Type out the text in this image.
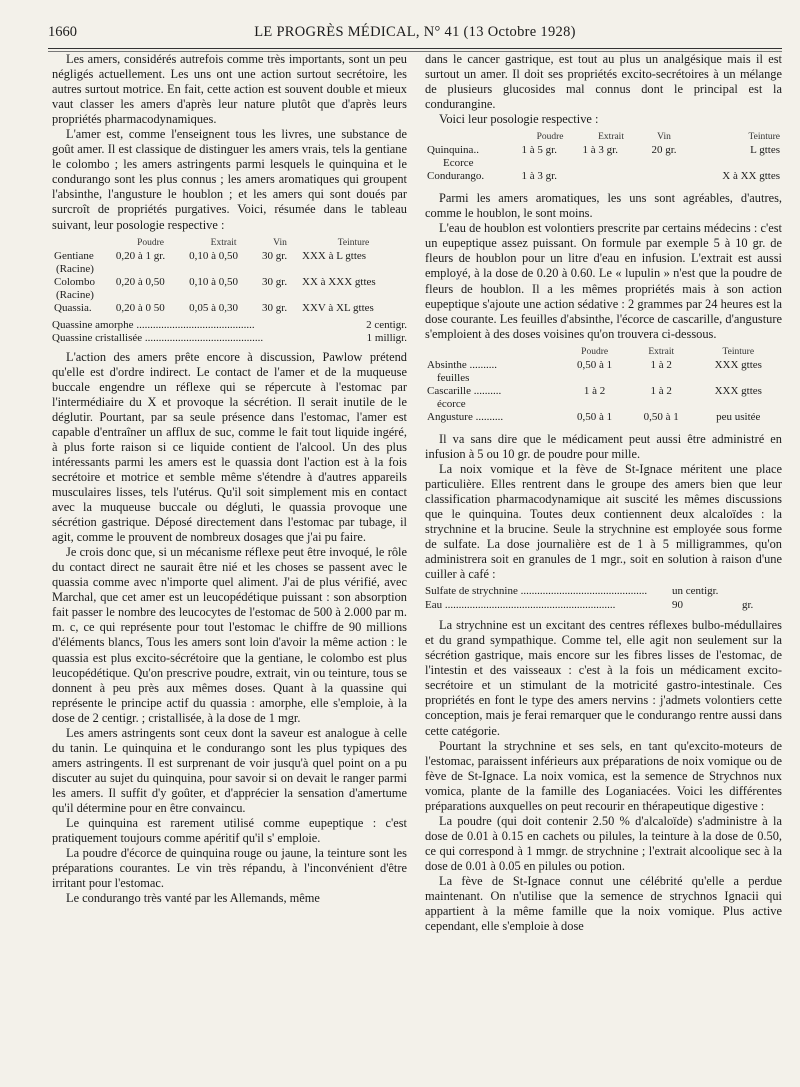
1660	LE PROGRÈS MÉDICAL, N° 41 (13 Octobre 1928)

Les amers, considérés autrefois comme très importants, sont un peu négligés actuellement. Les uns ont une action surtout secrétoire, les autres surtout motrice. En fait, cette action est souvent double et mieux vaut classer les amers d'après leur nature plutôt que d'après leurs propriétés pharmacodynamiques.

L'amer est, comme l'enseignent tous les livres, une substance de goût amer. Il est classique de distinguer les amers vrais, tels la gentiane le colombo ; les amers astringents parmi lesquels le quinquina et le condurango sont les plus connus ; les amers aromatiques qui groupent l'absinthe, l'angusture le houblon ; et les amers qui sont doués par surcroît de propriétés purgatives. Voici, résumée dans le tableau suivant, leur posologie respective :

	Poudre	Extrait	Vin	Teinture
Gentiane	0,20 à 1 gr.	0,10 à 0,50	30 gr.	XXX à L gttes
(Racine)				
Colombo	0,20 à 0,50	0,10 à 0,50	30 gr.	XX à XXX gttes
(Racine)				
Quassia.	0,20 à 0 50	0,05 à 0,30	30 gr.	XXV à XL gttes
Quassine amorphe ...........................................	2 centigr.
Quassine cristallisée ...........................................	1 milligr.

L'action des amers prête encore à discussion, Pawlow prétend qu'elle est d'ordre indirect. Le contact de l'amer et de la muqueuse buccale engendre un réflexe qui se répercute à l'estomac par l'intermédiaire du X et provoque la sécrétion. Il serait inutile de le déglutir. Pourtant, par sa seule présence dans l'estomac, l'amer est capable d'entraîner un afflux de suc, comme le fait tout liquide ingéré, à plus forte raison si ce liquide contient de l'alcool. Un des plus intéressants parmi les amers est le quassia dont l'action est à la fois secrétoire et motrice et semble même s'étendre à d'autres appareils musculaires lisses, tels l'utérus. Qu'il soit simplement mis en contact avec la muqueuse buccale ou dégluti, le quassia provoque une sécrétion gastrique. Déposé directement dans l'estomac par tubage, il agit, comme le prouvent de nombreux dosages que j'ai pu faire.

Je crois donc que, si un mécanisme réflexe peut être invoqué, le rôle du contact direct ne saurait être nié et les choses se passent avec le quassia comme avec n'importe quel aliment. J'ai de plus vérifié, avec Marchal, que cet amer est un leucopédétique puissant : son absorption fait passer le nombre des leucocytes de l'estomac de 500 à 2.000 par m. m. c, ce qui représente pour tout l'estomac le chiffre de 90 millions d'éléments blancs, Tous les amers sont loin d'avoir la même action : le quassia est plus excito-sécrétoire que la gentiane, le colombo est plus leucopédétique. Qu'on prescrive poudre, extrait, vin ou teinture, tous se donnent à peu près aux mêmes doses. Quant à la quassine qui représente le principe actif du quassia : amorphe, elle s'emploie, à la dose de 2 centigr. ; cristallisée, à la dose de 1 mgr.

Les amers astringents sont ceux dont la saveur est analogue à celle du tanin. Le quinquina et le condurango sont les plus typiques des amers astringents. Il est surprenant de voir jusqu'à quel point on a pu discuter au sujet du quinquina, pour savoir si on devait le ranger parmi les amers. Il suffit d'y goûter, et d'apprécier la sensation d'amertume qu'il détermine pour en être convaincu.

Le quinquina est rarement utilisé comme eupeptique : c'est pratiquement toujours comme apéritif qu'il s' emploie.

La poudre d'écorce de quinquina rouge ou jaune, la teinture sont les préparations courantes. Le vin très répandu, à l'inconvénient d'être irritant pour l'estomac.

Le condurango très vanté par les Allemands, même

dans le cancer gastrique, est tout au plus un analgésique mais il est surtout un amer. Il doit ses propriétés excito-secrétoires à un mélange de plusieurs glucosides mal connus dont le principal est la condurangine.

Voici leur posologie respective :

	Poudre	Extrait	Vin	Teinture
Quinquina..	1 à 5 gr.	1 à 3 gr.	20 gr.	L gttes
Ecorce				
Condurango.	1 à 3 gr.			X à XX gttes

Parmi les amers aromatiques, les uns sont agréables, d'autres, comme le houblon, le sont moins.

L'eau de houblon est volontiers prescrite par certains médecins : c'est un eupeptique assez puissant. On formule par exemple 5 à 10 gr. de fleurs de houblon pour un litre d'eau en infusion. L'extrait est aussi employé, à la dose de 0.20 à 0.60. Le « lupulin » n'est que la poudre de fleurs de houblon. Il a les mêmes propriétés mais à son action eupeptique s'ajoute une action sédative : 2 grammes par 24 heures est la dose courante. Les feuilles d'absinthe, l'écorce de cascarille, d'angusture s'emploient à des doses voisines qu'on trouvera ci-dessous.

	Poudre	Extrait	Teinture
Absinthe ..........	0,50 à 1	1 à 2	XXX gttes
feuilles			
Cascarille ..........	1 à 2	1 à 2	XXX gttes
écorce			
Angusture ..........	0,50 à 1	0,50 à 1	peu usitée

Il va sans dire que le médicament peut aussi être administré en infusion à 5 ou 10 gr. de poudre pour mille.

La noix vomique et la fève de St-Ignace méritent une place particulière. Elles rentrent dans le groupe des amers bien que leur classification pharmacodynamique ait suscité les mêmes discussions que le quinquina. Toutes deux contiennent deux alcaloïdes : la strychnine et la brucine. Seule la strychnine est employée sous forme de sulfate. La dose journalière est de 1 à 5 milligrammes, qu'on administrera soit en granules de 1 mgr., soit en solution à raison d'une cuiller à café :

Sulfate de strychnine ..............................................	un centigr.
Eau ..............................................................	90	gr.

La strychnine est un excitant des centres réflexes bulbo-médullaires et du grand sympathique. Comme tel, elle agit non seulement sur la sécrétion gastrique, mais encore sur les fibres lisses de l'estomac, de l'intestin et des vaisseaux : c'est à la fois un médicament excito-secrétoire et un stimulant de la motricité gastro-intestinale. Ces propriétés en font le type des amers nervins : j'admets volontiers cette conception, mais je ferai remarquer que le condurango rentre aussi dans cette catégorie.

Pourtant la strychnine et ses sels, en tant qu'excito-moteurs de l'estomac, paraissent inférieurs aux préparations de noix vomique ou de fève de St-Ignace. La noix vomica, est la semence de Strychnos nux vomica, plante de la famille des Loganiacées. Voici les différentes préparations auxquelles on peut recourir en thérapeutique digestive :

La poudre (qui doit contenir 2.50 % d'alcaloïde) s'administre à la dose de 0.01 à 0.15 en cachets ou pilules, la teinture à la dose de 0.50, ce qui correspond à 1 mmgr. de strychnine ; l'extrait alcoolique sec à la dose de 0.01 à 0.05 en pilules ou potion.

La fève de St-Ignace connut une célébrité qu'elle a perdue maintenant. On n'utilise que la semence de strychnos Ignacii qui appartient à la même famille que la noix vomique. Plus active cependant, elle s'emploie à dose
